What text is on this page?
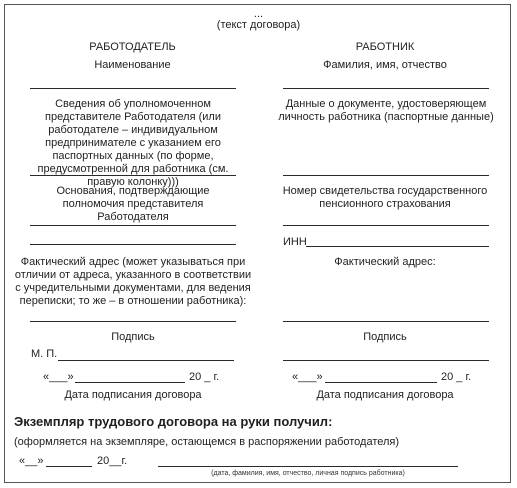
...
(текст договора)
РАБОТОДАТЕЛЬ
Наименование
Сведения об уполномоченном представителе Работодателя (или работодателе – индивидуальном предпринимателе с указанием его паспортных данных (по форме, предусмотренной для работника (см. правую колонку)))
Основания, подтверждающие полномочия представителя Работодателя
Фактический адрес (может указываться при отличии от адреса, указанного в соответствии с учредительными документами, для ведения переписки; то же – в отношении работника):
Подпись
М. П.
«___»	20 _ г.
Дата подписания договора
РАБОТНИК
Фамилия, имя, отчество
Данные о документе, удостоверяющем личность работника (паспортные данные)
Номер свидетельства государственного пенсионного страхования
ИНН
Фактический адрес:
Подпись
«___»	20 _ г.
Дата подписания договора
Экземпляр трудового договора на руки получил:
(оформляется на экземпляре, остающемся в распоряжении работодателя)
«__»	20__г.
(дата, фамилия, имя, отчество, личная подпись работника)
